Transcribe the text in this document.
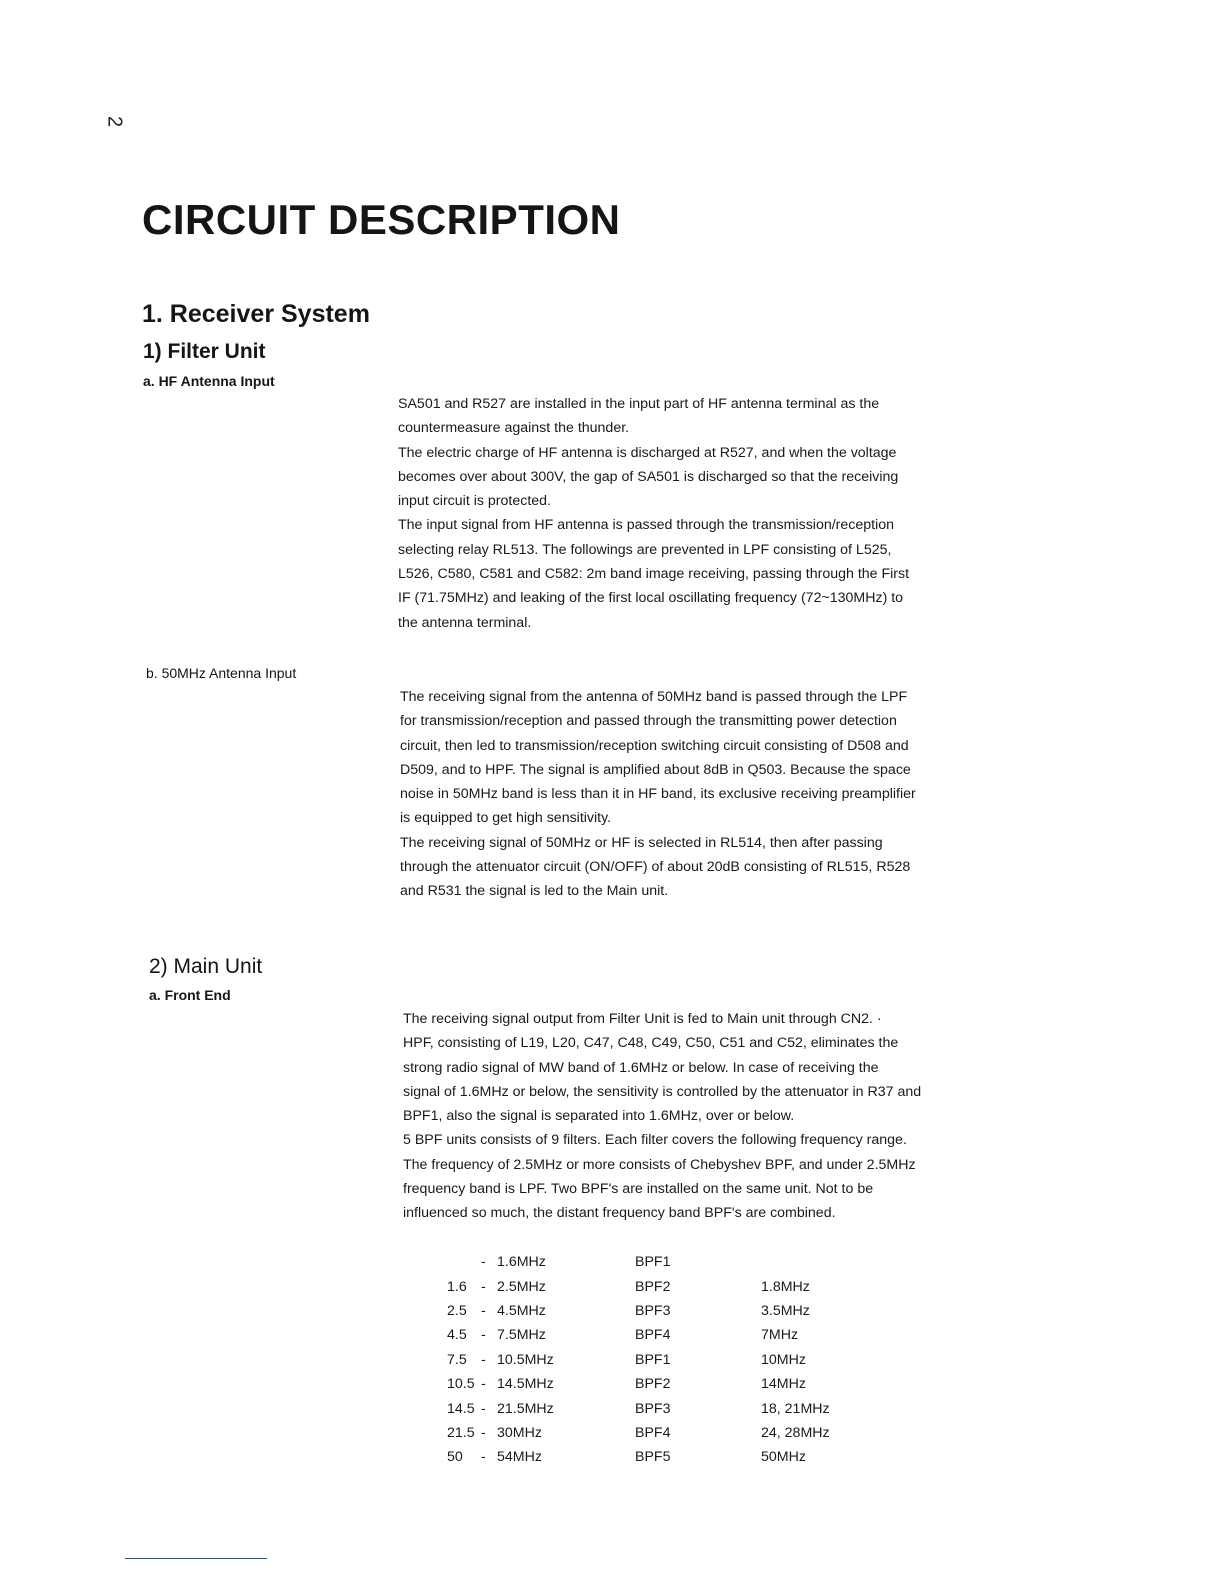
2
CIRCUIT DESCRIPTION
1. Receiver System
1) Filter Unit
a. HF Antenna Input

SA501 and R527 are installed in the input part of HF antenna terminal as the
countermeasure against the thunder.
The electric charge of HF antenna is discharged at R527, and when the voltage
becomes over about 300V, the gap of SA501 is discharged so that the receiving
input circuit is protected.
The input signal from HF antenna is passed through the transmission/reception
selecting relay RL513. The followings are prevented in LPF consisting of L525,
L526, C580, C581 and C582: 2m band image receiving, passing through the First
IF (71.75MHz) and leaking of the first local oscillating frequency (72~130MHz) to
the antenna terminal.

b. 50MHz Antenna Input

The receiving signal from the antenna of 50MHz band is passed through the LPF
for transmission/reception and passed through the transmitting power detection
circuit, then led to transmission/reception switching circuit consisting of D508 and
D509, and to HPF. The signal is amplified about 8dB in Q503. Because the space
noise in 50MHz band is less than it in HF band, its exclusive receiving preamplifier
is equipped to get high sensitivity.
The receiving signal of 50MHz or HF is selected in RL514, then after passing
through the attenuator circuit (ON/OFF) of about 20dB consisting of RL515, R528
and R531 the signal is led to the Main unit.

2) Main Unit
a. Front End

The receiving signal output from Filter Unit is fed to Main unit through CN2. ·
HPF, consisting of L19, L20, C47, C48, C49, C50, C51 and C52, eliminates the
strong radio signal of MW band of 1.6MHz or below. In case of receiving the
signal of 1.6MHz or below, the sensitivity is controlled by the attenuator in R37 and
BPF1, also the signal is separated into 1.6MHz, over or below.
5 BPF units consists of 9 filters. Each filter covers the following frequency range.
The frequency of 2.5MHz or more consists of Chebyshev BPF, and under 2.5MHz
frequency band is LPF. Two BPF's are installed on the same unit. Not to be
influenced so much, the distant frequency band BPF's are combined.

- 1.6MHz	BPF1	
1.6 - 2.5MHz	BPF2	1.8MHz
2.5 - 4.5MHz	BPF3	3.5MHz
4.5 - 7.5MHz	BPF4	7MHz
7.5 - 10.5MHz	BPF1	10MHz
10.5 - 14.5MHz	BPF2	14MHz
14.5 - 21.5MHz	BPF3	18, 21MHz
21.5 - 30MHz	BPF4	24, 28MHz
50 - 54MHz	BPF5	50MHz
